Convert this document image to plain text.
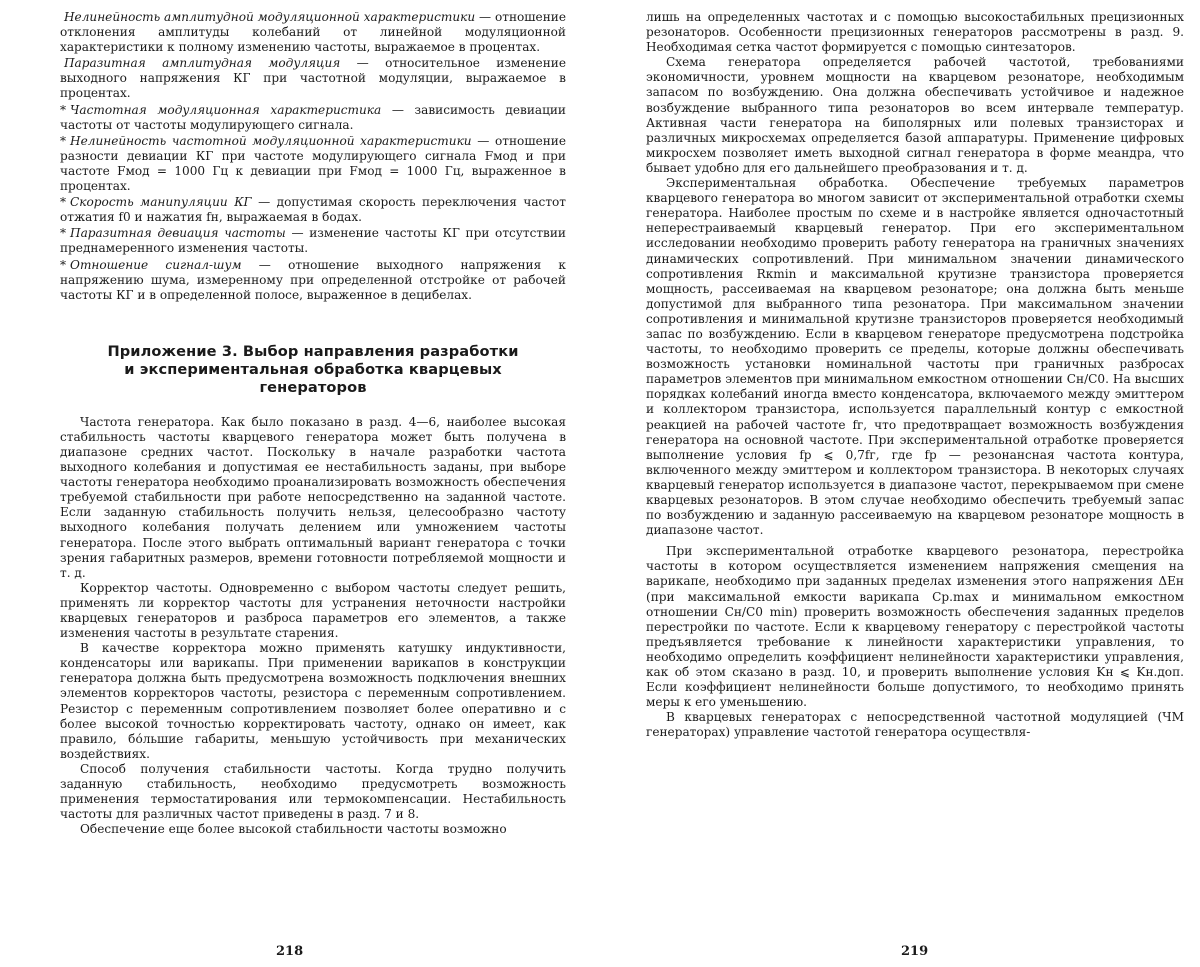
Нелинейность амплитудной модуляционной характеристики — отношение отклонения амплитуды колебаний от линейной модуляционной характеристики к полному изменению частоты, выражаемое в процентах.

Паразитная амплитудная модуляция — относительное изменение выходного напряжения КГ при частотной модуляции, выражаемое в процентах.

* Частотная модуляционная характеристика — зависимость девиации частоты от частоты модулирующего сигнала.

* Нелинейность частотной модуляционной характеристики — отношение разности девиации КГ при частоте модулирующего сигнала Fмод и при частоте Fмод = 1000 Гц к девиации при Fмод = 1000 Гц, выраженное в процентах.

* Скорость манипуляции КГ — допустимая скорость переключения частот отжатия f0 и нажатия fн, выражаемая в бодах.

* Паразитная девиация частоты — изменение частоты КГ при отсутствии преднамеренного изменения частоты.

* Отношение сигнал-шум — отношение выходного напряжения к напряжению шума, измеренному при определенной отстройке от рабочей частоты КГ и в определенной полосе, выраженное в децибелах.

Приложение 3. Выбор направления разработки
и экспериментальная обработка кварцевых
генераторов

Частота генератора. Как было показано в разд. 4—6, наиболее высокая стабильность частоты кварцевого генератора может быть получена в диапазоне средних частот. Поскольку в начале разработки частота выходного колебания и допустимая ее нестабильность заданы, при выборе частоты генератора необходимо проанализировать возможность обеспечения требуемой стабильности при работе непосредственно на заданной частоте. Если заданную стабильность получить нельзя, целесообразно частоту выходного колебания получать делением или умножением частоты генератора. После этого выбрать оптимальный вариант генератора с точки зрения габаритных размеров, времени готовности потребляемой мощности и т. д.

Корректор частоты. Одновременно с выбором частоты следует решить, применять ли корректор частоты для устранения неточности настройки кварцевых генераторов и разброса параметров его элементов, а также изменения частоты в результате старения.

В качестве корректора можно применять катушку индуктивности, конденсаторы или варикапы. При применении варикапов в конструкции генератора должна быть предусмотрена возможность подключения внешних элементов корректоров частоты, резистора с переменным сопротивлением. Резистор с переменным сопротивлением позволяет более оперативно и с более высокой точностью корректировать частоту, однако он имеет, как правило, бо́льшие габариты, меньшую устойчивость при механических воздействиях.

Способ получения стабильности частоты. Когда трудно получить заданную стабильность, необходимо предусмотреть возможность применения термостатирования или термокомпенсации. Нестабильность частоты для различных частот приведены в разд. 7 и 8.

Обеспечение еще более высокой стабильности частоты возможно

218

лишь на определенных частотах и с помощью высокостабильных прецизионных резонаторов. Особенности прецизионных генераторов рассмотрены в разд. 9. Необходимая сетка частот формируется с помощью синтезаторов.

Схема генератора определяется рабочей частотой, требованиями экономичности, уровнем мощности на кварцевом резонаторе, необходимым запасом по возбуждению. Она должна обеспечивать устойчивое и надежное возбуждение выбранного типа резонаторов во всем интервале температур. Активная части генератора на биполярных или полевых транзисторах и различных микросхемах определяется базой аппаратуры. Применение цифровых микросхем позволяет иметь выходной сигнал генератора в форме меандра, что бывает удобно для его дальнейшего преобразования и т. д.

Экспериментальная обработка. Обеспечение требуемых параметров кварцевого генератора во многом зависит от экспериментальной отработки схемы генератора. Наиболее простым по схеме и в настройке является одночастотный неперестраиваемый кварцевый генератор. При его экспериментальном исследовании необходимо проверить работу генератора на граничных значениях динамических сопротивлений. При минимальном значении динамического сопротивления Rкmin и максимальной крутизне транзистора проверяется мощность, рассеиваемая на кварцевом резонаторе; она должна быть меньше допустимой для выбранного типа резонатора. При максимальном значении сопротивления и минимальной крутизне транзисторов проверяется необходимый запас по возбуждению. Если в кварцевом генераторе предусмотрена подстройка частоты, то необходимо проверить се пределы, которые должны обеспечивать возможность установки номинальной частоты при граничных разбросах параметров элементов при минимальном емкостном отношении Cн/C0. На высших порядках колебаний иногда вместо конденсатора, включаемого между эмиттером и коллектором транзистора, используется параллельный контур с емкостной реакцией на рабочей частоте fг, что предотвращает возможность возбуждения генератора на основной частоте. При экспериментальной отработке проверяется выполнение условия fр ⩽ 0,7fг, где fр — резонансная частота контура, включенного между эмиттером и коллектором транзистора. В некоторых случаях кварцевый генератор используется в диапазоне частот, перекрываемом при смене кварцевых резонаторов. В этом случае необходимо обеспечить требуемый запас по возбуждению и заданную рассеиваемую на кварцевом резонаторе мощность в диапазоне частот.

При экспериментальной отработке кварцевого резонатора, перестройка частоты в котором осуществляется изменением напряжения смещения на варикапе, необходимо при заданных пределах изменения этого напряжения ΔEн (при максимальной емкости варикапа Cр.max и минимальном емкостном отношении Cн/C0 min) проверить возможность обеспечения заданных пределов перестройки по частоте. Если к кварцевому генератору с перестройкой частоты предъявляется требование к линейности характеристики управления, то необходимо определить коэффициент нелинейности характеристики управления, как об этом сказано в разд. 10, и проверить выполнение условия Kн ⩽ Kн.доп. Если коэффициент нелинейности больше допустимого, то необходимо принять меры к его уменьшению.

В кварцевых генераторах с непосредственной частотной модуляцией (ЧМ генераторах) управление частотой генератора осуществля-

219
